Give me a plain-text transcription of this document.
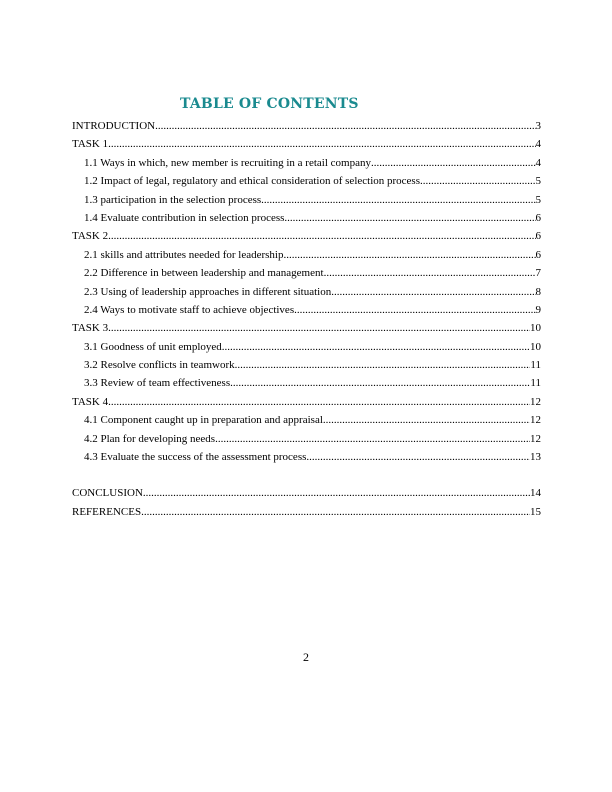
TABLE OF CONTENTS
INTRODUCTION .....	3
TASK 1 .....	4
1.1 Ways in which, new member is recruiting in a retail company .....	4
1.2 Impact of legal, regulatory and ethical consideration of selection process .....	5
1.3 participation in the selection process .....	5
1.4 Evaluate contribution in selection process .....	6
TASK 2 .....	6
2.1 skills and attributes needed for leadership .....	6
2.2 Difference in between leadership and management .....	7
2.3 Using of leadership approaches in different situation .....	8
2.4 Ways to motivate staff to achieve objectives .....	9
TASK 3 .....	10
3.1 Goodness of unit employed .....	10
3.2 Resolve conflicts in teamwork .....	11
3.3 Review of team effectiveness .....	11
TASK 4 .....	12
4.1 Component caught up in preparation and appraisal .....	12
4.2 Plan for developing needs .....	12
4.3 Evaluate the success of the assessment process .....	13
CONCLUSION .....	14
REFERENCES .....	15
2
